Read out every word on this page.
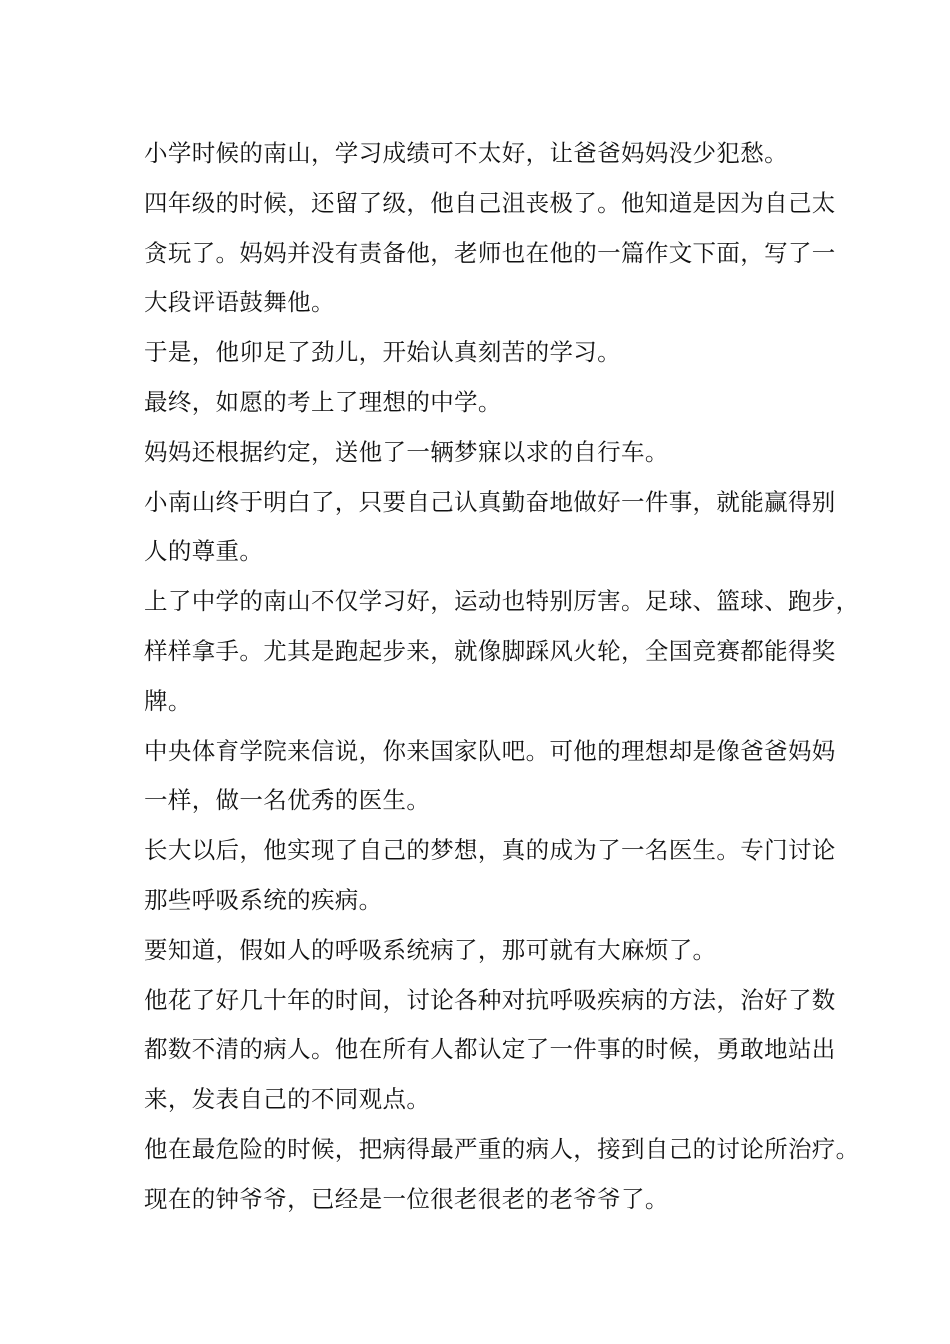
小学时候的南山，学习成绩可不太好，让爸爸妈妈没少犯愁。
四年级的时候，还留了级，他自己沮丧极了。他知道是因为自己太
贪玩了。妈妈并没有责备他，老师也在他的一篇作文下面，写了一
大段评语鼓舞他。
于是，他卯足了劲儿，开始认真刻苦的学习。
最终，如愿的考上了理想的中学。
妈妈还根据约定，送他了一辆梦寐以求的自行车。
小南山终于明白了，只要自己认真勤奋地做好一件事，就能赢得别
人的尊重。
上了中学的南山不仅学习好，运动也特别厉害。足球、篮球、跑步，
样样拿手。尤其是跑起步来，就像脚踩风火轮，全国竞赛都能得奖
牌。
中央体育学院来信说，你来国家队吧。可他的理想却是像爸爸妈妈
一样，做一名优秀的医生。
长大以后，他实现了自己的梦想，真的成为了一名医生。专门讨论
那些呼吸系统的疾病。
要知道，假如人的呼吸系统病了，那可就有大麻烦了。
他花了好几十年的时间，讨论各种对抗呼吸疾病的方法，治好了数
都数不清的病人。他在所有人都认定了一件事的时候，勇敢地站出
来，发表自己的不同观点。
他在最危险的时候，把病得最严重的病人，接到自己的讨论所治疗。
现在的钟爷爷，已经是一位很老很老的老爷爷了。
